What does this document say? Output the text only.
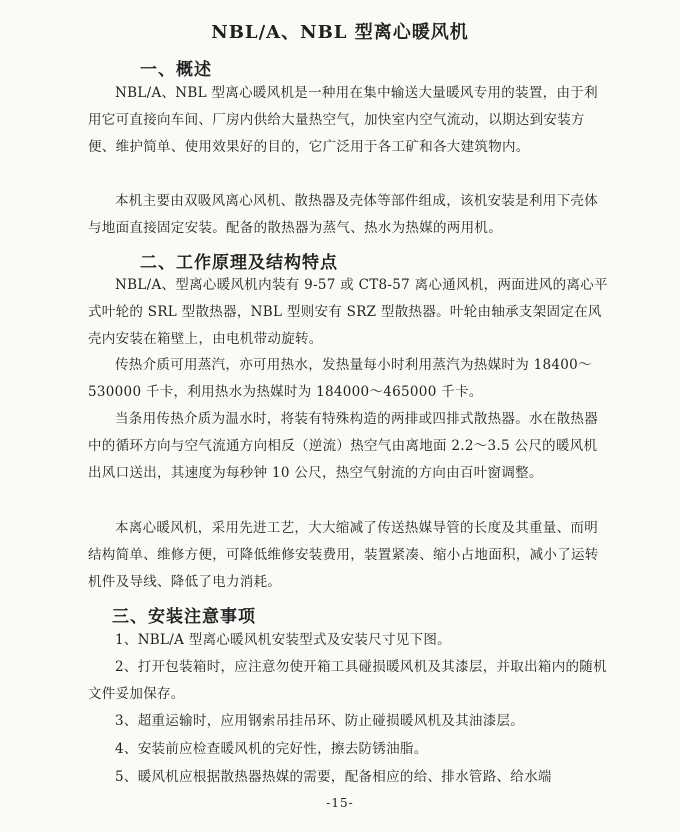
NBL/A、NBL 型离心暖风机
一、概述

NBL/A、NBL 型离心暖风机是一种用在集中输送大量暖风专用的装置，由于利用它可直接向车间、厂房内供给大量热空气，加快室内空气流动，以期达到安装方便、维护简单、使用效果好的目的，它广泛用于各工矿和各大建筑物内。

本机主要由双吸风离心风机、散热器及壳体等部件组成，该机安装是利用下壳体与地面直接固定安装。配备的散热器为蒸气、热水为热媒的两用机。

二、工作原理及结构特点

NBL/A、型离心暖风机内装有 9-57 或 CT8-57 离心通风机，两面进风的离心平式叶轮的 SRL 型散热器，NBL 型则安有 SRZ 型散热器。叶轮由轴承支架固定在风壳内安装在箱壁上，由电机带动旋转。

传热介质可用蒸汽，亦可用热水，发热量每小时利用蒸汽为热媒时为 18400～530000 千卡，利用热水为热媒时为 184000～465000 千卡。

当条用传热介质为温水时，将装有特殊构造的两排或四排式散热器。水在散热器中的循环方向与空气流通方向相反（逆流）热空气由离地面 2.2～3.5 公尺的暖风机出风口送出，其速度为每秒钟 10 公尺，热空气射流的方向由百叶窗调整。

本离心暖风机，采用先进工艺，大大缩减了传送热媒导管的长度及其重量、而明结构简单、维修方便，可降低维修安装费用，装置紧凑、缩小占地面积，减小了运转机件及导线、降低了电力消耗。

三、安装注意事项

1、NBL/A 型离心暖风机安装型式及安装尺寸见下图。

2、打开包装箱时，应注意勿使开箱工具碰损暖风机及其漆层，并取出箱内的随机文件妥加保存。

3、超重运输时，应用钢索吊挂吊环、防止碰损暖风机及其油漆层。

4、安装前应检查暖风机的完好性，擦去防锈油脂。

5、暖风机应根据散热器热媒的需要，配备相应的给、排水管路、给水端

-15-
